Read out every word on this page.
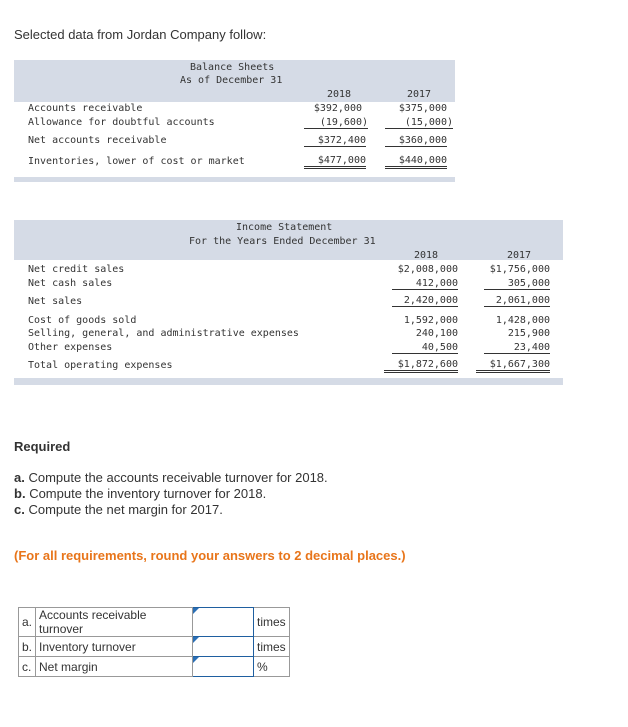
Selected data from Jordan Company follow:
Balance Sheets
As of December 31
2018	2017
Accounts receivable	$392,000	$375,000
Allowance for doubtful accounts	(19,600)	(15,000)
Net accounts receivable	$372,400	$360,000
Inventories, lower of cost or market	$477,000	$440,000
Income Statement
For the Years Ended December 31
2018	2017
Net credit sales	$2,008,000	$1,756,000
Net cash sales	412,000	305,000
Net sales	2,420,000	2,061,000
Cost of goods sold	1,592,000	1,428,000
Selling, general, and administrative expenses	240,100	215,900
Other expenses	40,500	23,400
Total operating expenses	$1,872,600	$1,667,300
Required
a. Compute the accounts receivable turnover for 2018.
b. Compute the inventory turnover for 2018.
c. Compute the net margin for 2017.
(For all requirements, round your answers to 2 decimal places.)
a.	Accounts receivable turnover		times
b.	Inventory turnover		times
c.	Net margin		%
